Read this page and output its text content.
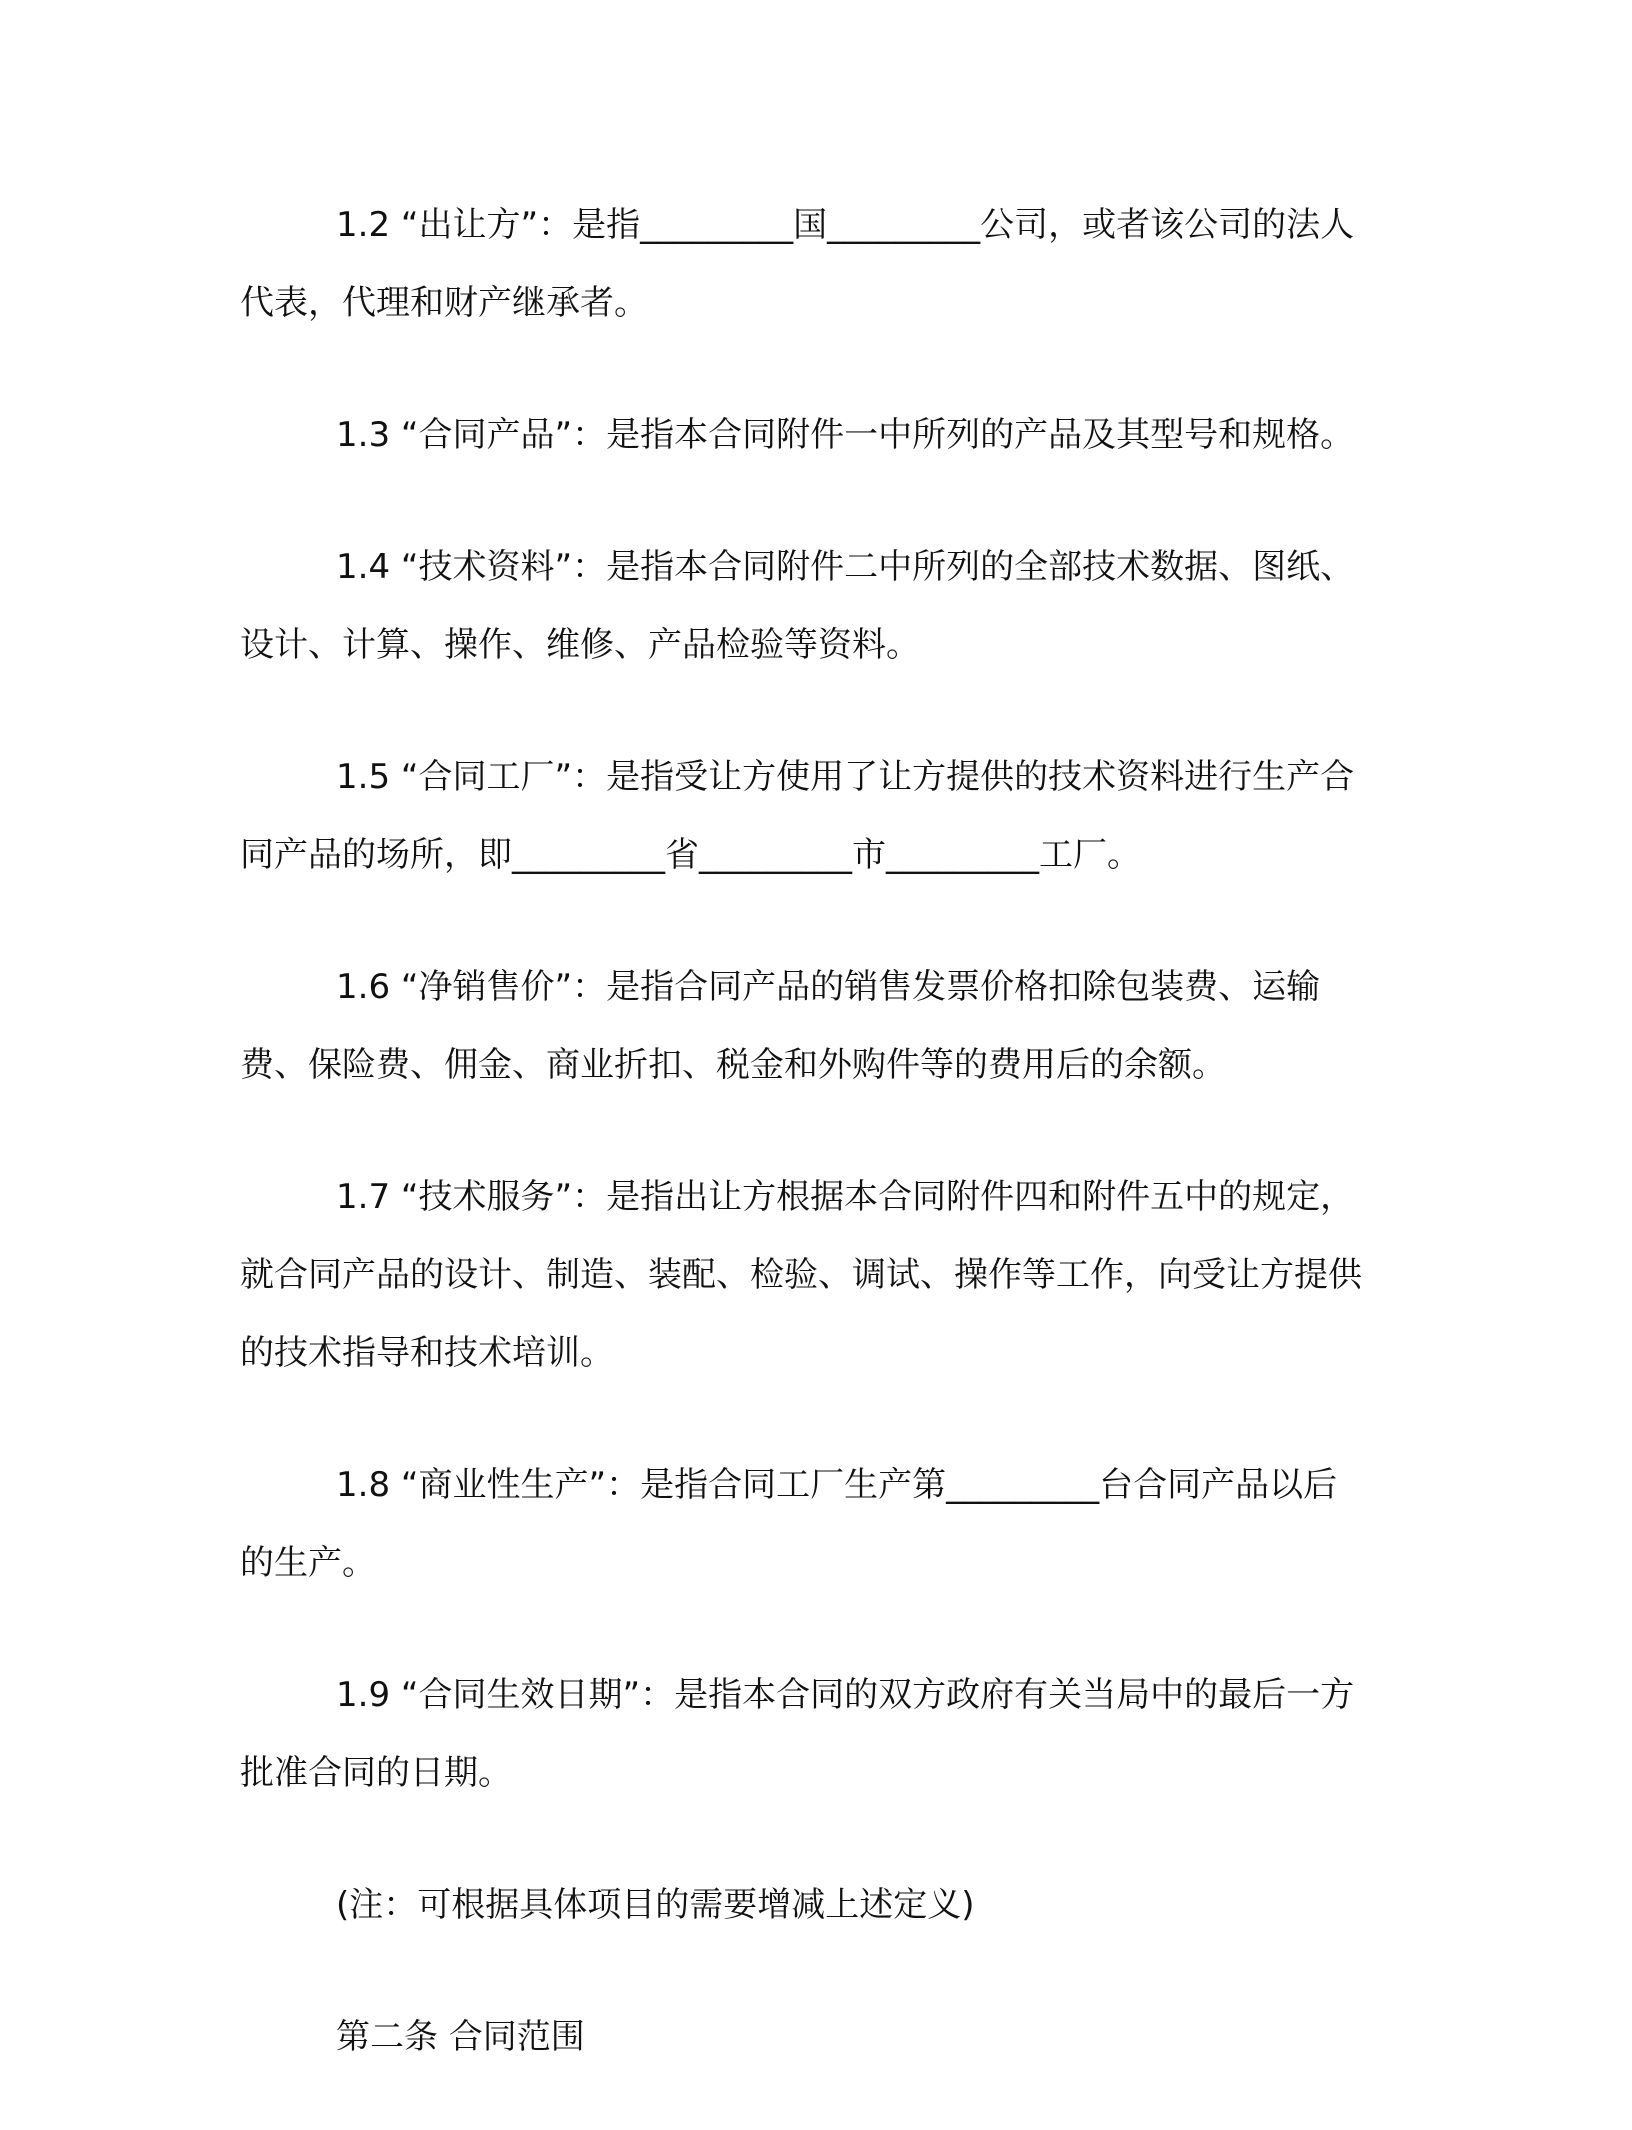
1.2 “出让方”：是指_________国_________公司，或者该公司的法人代表，代理和财产继承者。

1.3 “合同产品”：是指本合同附件一中所列的产品及其型号和规格。

1.4 “技术资料”：是指本合同附件二中所列的全部技术数据、图纸、设计、计算、操作、维修、产品检验等资料。

1.5 “合同工厂”：是指受让方使用了让方提供的技术资料进行生产合同产品的场所，即_________省_________市_________工厂。

1.6 “净销售价”：是指合同产品的销售发票价格扣除包装费、运输费、保险费、佣金、商业折扣、税金和外购件等的费用后的余额。

1.7 “技术服务”：是指出让方根据本合同附件四和附件五中的规定，就合同产品的设计、制造、装配、检验、调试、操作等工作，向受让方提供的技术指导和技术培训。

1.8 “商业性生产”：是指合同工厂生产第_________台合同产品以后的生产。

1.9 “合同生效日期”：是指本合同的双方政府有关当局中的最后一方批准合同的日期。

(注：可根据具体项目的需要增减上述定义)

第二条 合同范围
